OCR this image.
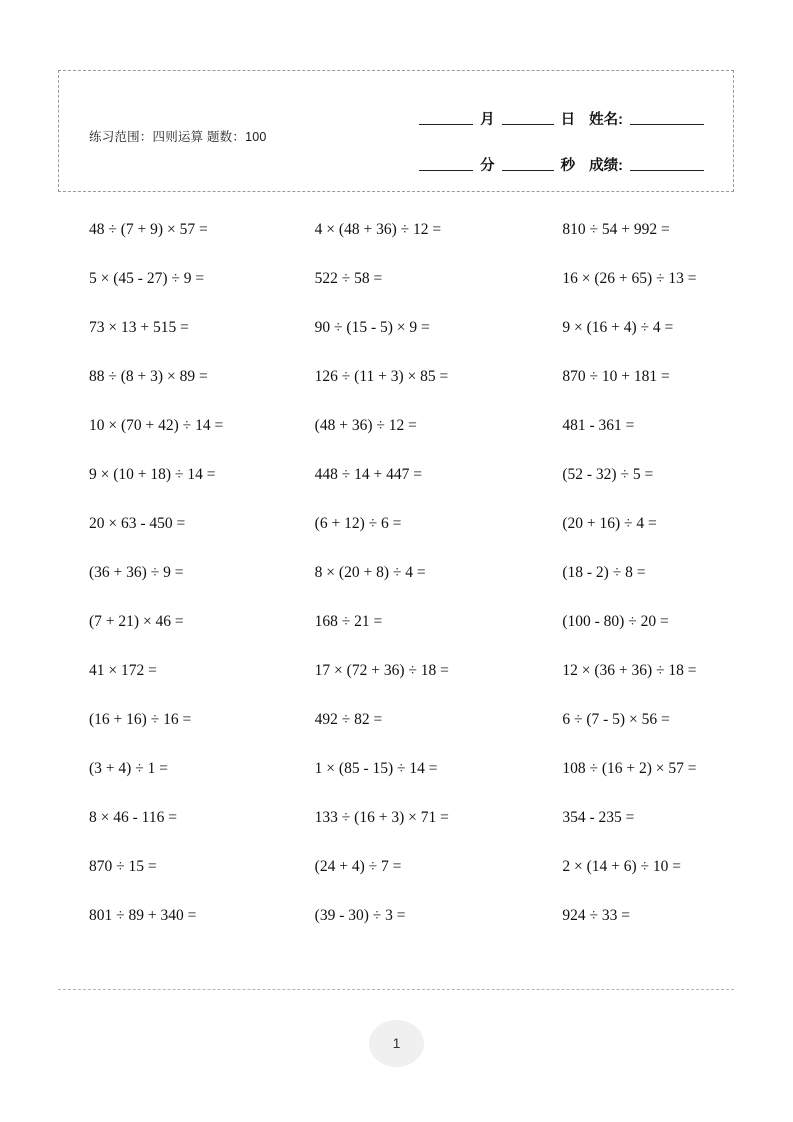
练习范围：四则运算 题数：100
月	日 姓名:
分	秒 成绩:
48 ÷ (7 + 9) × 57 =	4 × (48 + 36) ÷ 12 =	810 ÷ 54 + 992 =
5 × (45 - 27) ÷ 9 =	522 ÷ 58 =	16 × (26 + 65) ÷ 13 =
73 × 13 + 515 =	90 ÷ (15 - 5) × 9 =	9 × (16 + 4) ÷ 4 =
88 ÷ (8 + 3) × 89 =	126 ÷ (11 + 3) × 85 =	870 ÷ 10 + 181 =
10 × (70 + 42) ÷ 14 =	(48 + 36) ÷ 12 =	481 - 361 =
9 × (10 + 18) ÷ 14 =	448 ÷ 14 + 447 =	(52 - 32) ÷ 5 =
20 × 63 - 450 =	(6 + 12) ÷ 6 =	(20 + 16) ÷ 4 =
(36 + 36) ÷ 9 =	8 × (20 + 8) ÷ 4 =	(18 - 2) ÷ 8 =
(7 + 21) × 46 =	168 ÷ 21 =	(100 - 80) ÷ 20 =
41 × 172 =	17 × (72 + 36) ÷ 18 =	12 × (36 + 36) ÷ 18 =
(16 + 16) ÷ 16 =	492 ÷ 82 =	6 ÷ (7 - 5) × 56 =
(3 + 4) ÷ 1 =	1 × (85 - 15) ÷ 14 =	108 ÷ (16 + 2) × 57 =
8 × 46 - 116 =	133 ÷ (16 + 3) × 71 =	354 - 235 =
870 ÷ 15 =	(24 + 4) ÷ 7 =	2 × (14 + 6) ÷ 10 =
801 ÷ 89 + 340 =	(39 - 30) ÷ 3 =	924 ÷ 33 =
1
